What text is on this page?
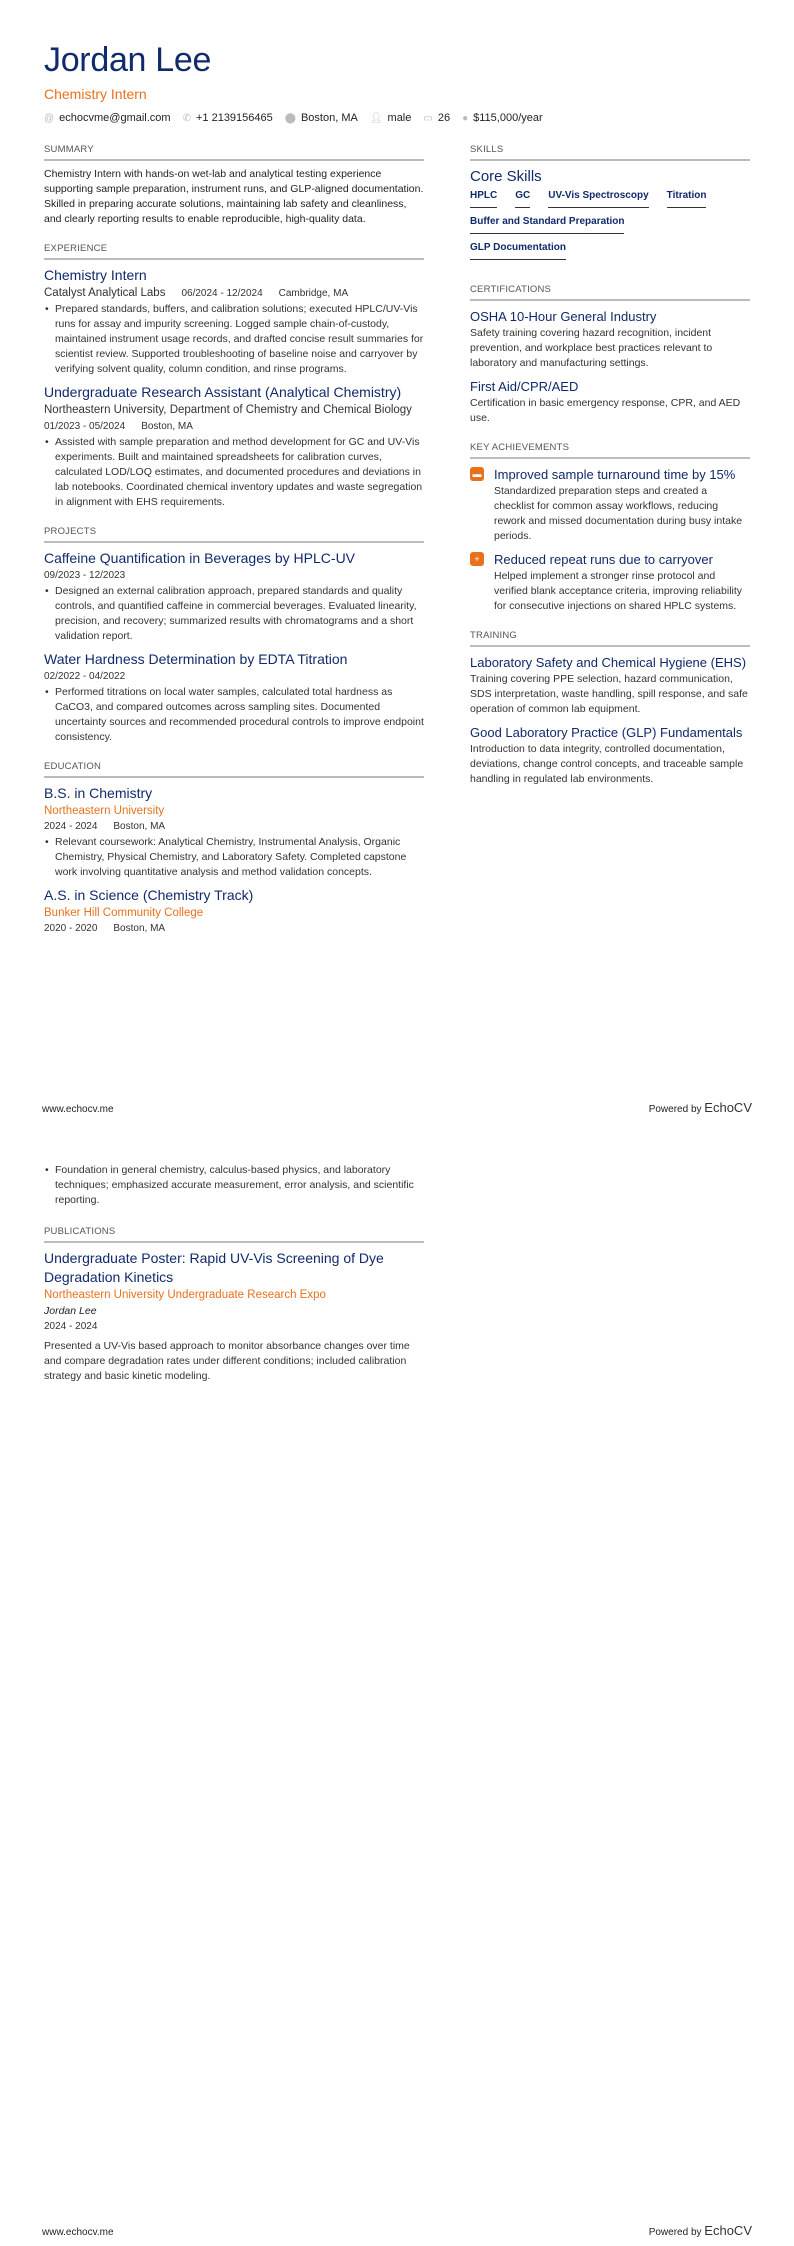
Jordan Lee
Chemistry Intern
@ echocvme@gmail.com ✆ +1 2139156465 ⬤ Boston, MA 👤︎ male ▭ 26 ● $115,000/year
SUMMARY
Chemistry Intern with hands-on wet-lab and analytical testing experience supporting sample preparation, instrument runs, and GLP-aligned documentation. Skilled in preparing accurate solutions, maintaining lab safety and cleanliness, and clearly reporting results to enable reproducible, high-quality data.
EXPERIENCE
Chemistry Intern
Catalyst Analytical Labs 06/2024 - 12/2024 Cambridge, MA
• Prepared standards, buffers, and calibration solutions; executed HPLC/UV-Vis runs for assay and impurity screening. Logged sample chain-of-custody, maintained instrument usage records, and drafted concise result summaries for scientist review. Supported troubleshooting of baseline noise and carryover by verifying solvent quality, column condition, and rinse programs.
Undergraduate Research Assistant (Analytical Chemistry)
Northeastern University, Department of Chemistry and Chemical Biology
01/2023 - 05/2024 Boston, MA
• Assisted with sample preparation and method development for GC and UV-Vis experiments. Built and maintained spreadsheets for calibration curves, calculated LOD/LOQ estimates, and documented procedures and deviations in lab notebooks. Coordinated chemical inventory updates and waste segregation in alignment with EHS requirements.
PROJECTS
Caffeine Quantification in Beverages by HPLC-UV
09/2023 - 12/2023
• Designed an external calibration approach, prepared standards and quality controls, and quantified caffeine in commercial beverages. Evaluated linearity, precision, and recovery; summarized results with chromatograms and a short validation report.
Water Hardness Determination by EDTA Titration
02/2022 - 04/2022
• Performed titrations on local water samples, calculated total hardness as CaCO3, and compared outcomes across sampling sites. Documented uncertainty sources and recommended procedural controls to improve endpoint consistency.
EDUCATION
B.S. in Chemistry
Northeastern University
2024 - 2024 Boston, MA
• Relevant coursework: Analytical Chemistry, Instrumental Analysis, Organic Chemistry, Physical Chemistry, and Laboratory Safety. Completed capstone work involving quantitative analysis and method validation concepts.
A.S. in Science (Chemistry Track)
Bunker Hill Community College
2020 - 2020 Boston, MA
SKILLS
Core Skills
HPLC GC UV-Vis Spectroscopy Titration
Buffer and Standard Preparation
GLP Documentation
CERTIFICATIONS
OSHA 10-Hour General Industry
Safety training covering hazard recognition, incident prevention, and workplace best practices relevant to laboratory and manufacturing settings.
First Aid/CPR/AED
Certification in basic emergency response, CPR, and AED use.
KEY ACHIEVEMENTS
▬ Improved sample turnaround time by 15%
Standardized preparation steps and created a checklist for common assay workflows, reducing rework and missed documentation during busy intake periods.
+	Reduced repeat runs due to carryover
Helped implement a stronger rinse protocol and verified blank acceptance criteria, improving reliability for consecutive injections on shared HPLC systems.
TRAINING
Laboratory Safety and Chemical Hygiene (EHS)
Training covering PPE selection, hazard communication, SDS interpretation, waste handling, spill response, and safe operation of common lab equipment.
Good Laboratory Practice (GLP) Fundamentals
Introduction to data integrity, controlled documentation, deviations, change control concepts, and traceable sample handling in regulated lab environments.
www.echocv.me	Powered by EchoCV
• Foundation in general chemistry, calculus-based physics, and laboratory techniques; emphasized accurate measurement, error analysis, and scientific reporting.
PUBLICATIONS
Undergraduate Poster: Rapid UV-Vis Screening of Dye Degradation Kinetics
Northeastern University Undergraduate Research Expo
Jordan Lee
2024 - 2024
Presented a UV-Vis based approach to monitor absorbance changes over time and compare degradation rates under different conditions; included calibration strategy and basic kinetic modeling.
www.echocv.me	Powered by EchoCV
